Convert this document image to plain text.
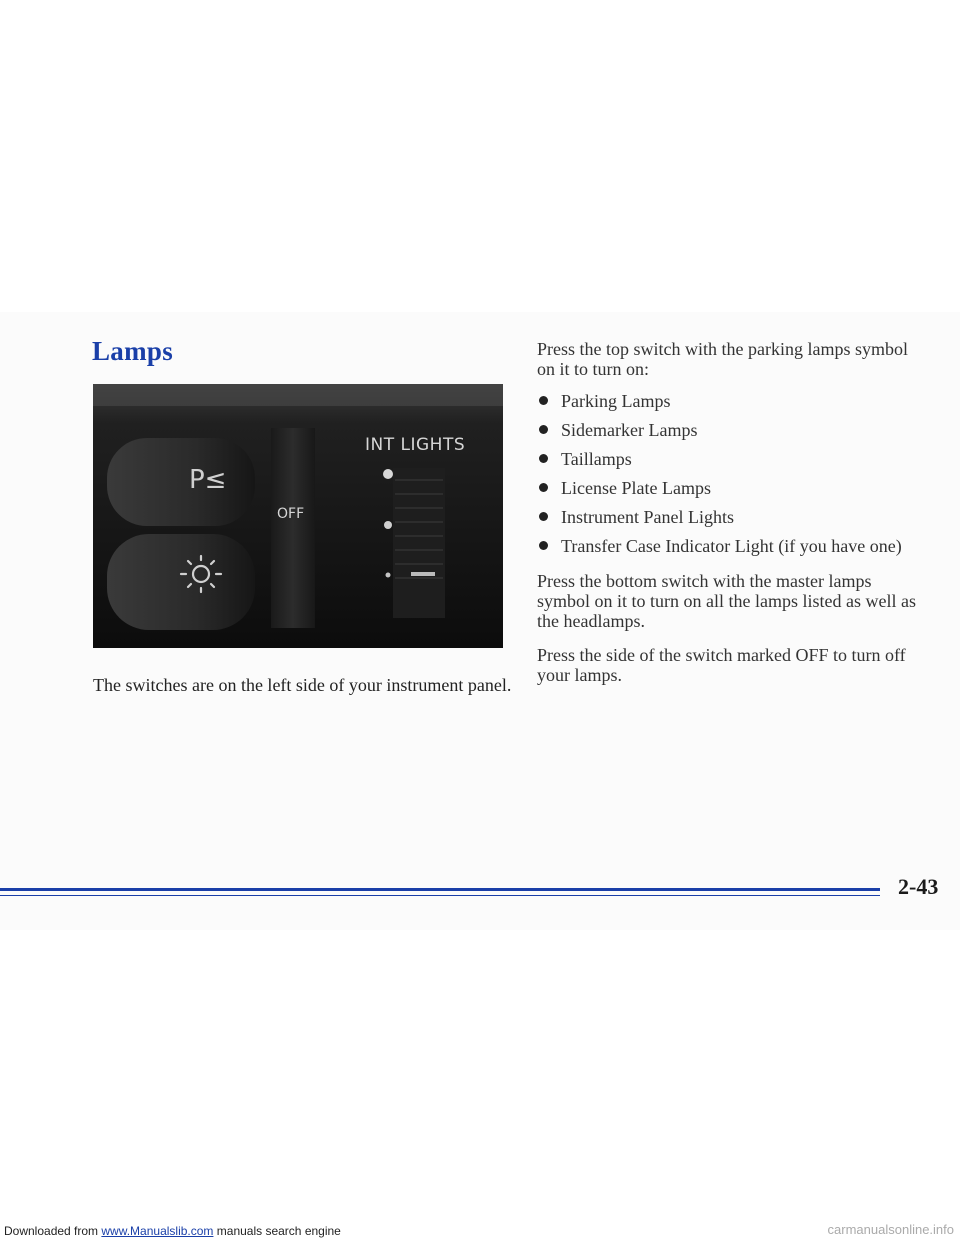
Lamps
INT LIGHTS
OFF
P≤

The switches are on the left side of your instrument panel.

Press the top switch with the parking lamps symbol on it to turn on:

Parking Lamps
Sidemarker Lamps
Taillamps
License Plate Lamps
Instrument Panel Lights
Transfer Case Indicator Light (if you have one)

Press the bottom switch with the master lamps symbol on it to turn on all the lamps listed as well as the headlamps.

Press the side of the switch marked OFF to turn off your lamps.

2-43
Downloaded from www.Manualslib.com manuals search engine	carmanualsonline.info
